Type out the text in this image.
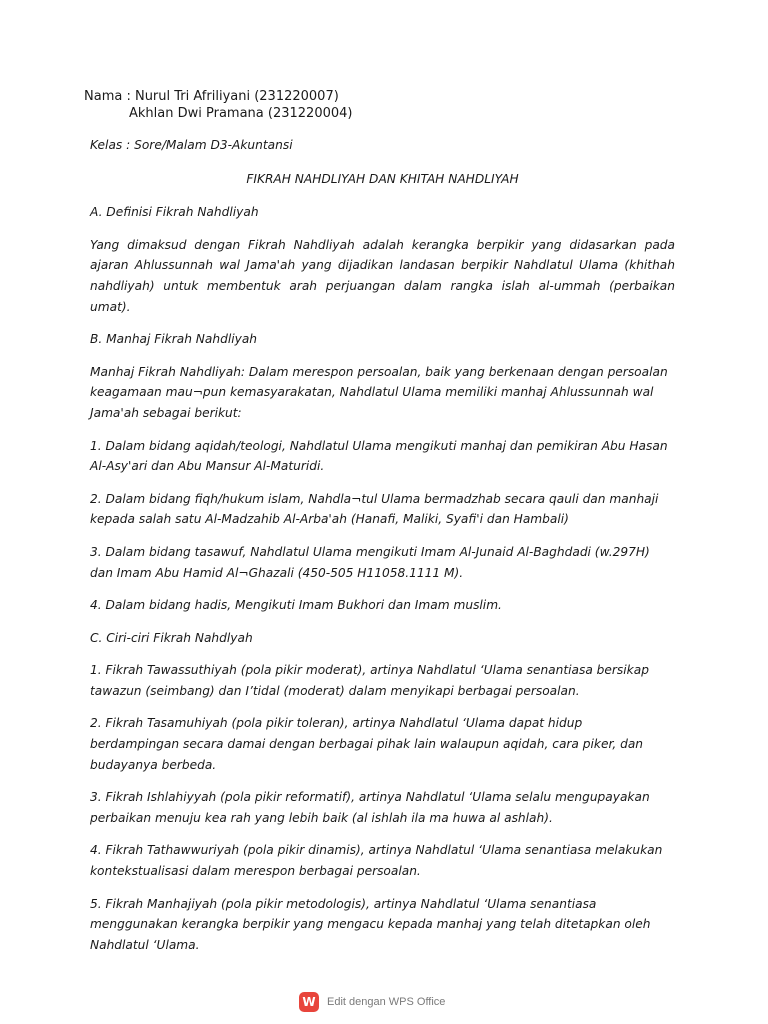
Nama : Nurul Tri Afriliyani (231220007)
Akhlan Dwi Pramana (231220004)

Kelas : Sore/Malam D3-Akuntansi

FIKRAH NAHDLIYAH DAN KHITAH NAHDLIYAH

A. Definisi Fikrah Nahdliyah

Yang dimaksud dengan Fikrah Nahdliyah adalah kerangka berpikir yang didasarkan pada ajaran Ahlussunnah wal Jama'ah yang dijadikan landasan berpikir Nahdlatul Ulama (khithah nahdliyah) untuk membentuk arah perjuangan dalam rangka islah al-ummah (perbaikan umat).

B. Manhaj Fikrah Nahdliyah

Manhaj Fikrah Nahdliyah: Dalam merespon persoalan, baik yang berkenaan dengan persoalan keagamaan mau¬pun kemasyarakatan, Nahdlatul Ulama memiliki manhaj Ahlussunnah wal Jama'ah sebagai berikut:

1. Dalam bidang aqidah/teologi, Nahdlatul Ulama mengikuti manhaj dan pemikiran Abu Hasan Al-Asy'ari dan Abu Mansur Al-Maturidi.

2. Dalam bidang fiqh/hukum islam, Nahdla¬tul Ulama bermadzhab secara qauli dan manhaji kepada salah satu Al-Madzahib Al-Arba'ah (Hanafi, Maliki, Syafi'i dan Hambali)

3. Dalam bidang tasawuf, Nahdlatul Ulama mengikuti Imam Al-Junaid Al-Baghdadi (w.297H) dan Imam Abu Hamid Al¬Ghazali (450-505 H11058.1111 M).

4. Dalam bidang hadis, Mengikuti Imam Bukhori dan Imam muslim.

C. Ciri-ciri Fikrah Nahdlyah

1. Fikrah Tawassuthiyah (pola pikir moderat), artinya Nahdlatul ‘Ulama senantiasa bersikap tawazun (seimbang) dan I’tidal (moderat) dalam menyikapi berbagai persoalan.

2. Fikrah Tasamuhiyah (pola pikir toleran), artinya Nahdlatul ‘Ulama dapat hidup berdampingan secara damai dengan berbagai pihak lain walaupun aqidah, cara piker, dan budayanya berbeda.

3. Fikrah Ishlahiyyah (pola pikir reformatif), artinya Nahdlatul ‘Ulama selalu mengupayakan perbaikan menuju kea rah yang lebih baik (al ishlah ila ma huwa al ashlah).

4. Fikrah Tathawwuriyah (pola pikir dinamis), artinya Nahdlatul ‘Ulama senantiasa melakukan kontekstualisasi dalam merespon berbagai persoalan.

5. Fikrah Manhajiyah (pola pikir metodologis), artinya Nahdlatul ‘Ulama senantiasa menggunakan kerangka berpikir yang mengacu kepada manhaj yang telah ditetapkan oleh Nahdlatul ‘Ulama.

W	Edit dengan WPS Office
